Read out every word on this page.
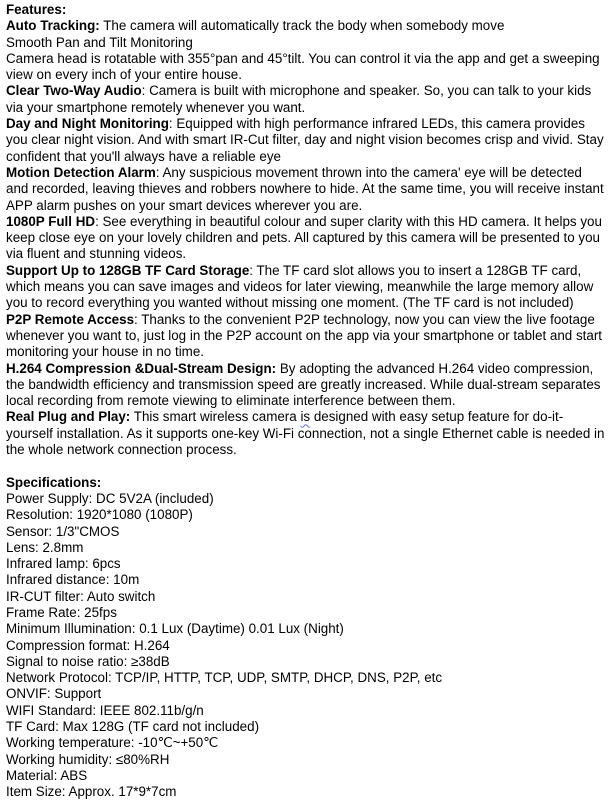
Features:

Auto Tracking: The camera will automatically track the body when somebody move

Smooth Pan and Tilt Monitoring

Camera head is rotatable with 355°pan and 45°tilt. You can control it via the app and get a sweeping view on every inch of your entire house.

Clear Two-Way Audio: Camera is built with microphone and speaker. So, you can talk to your kids via your smartphone remotely whenever you want.

Day and Night Monitoring: Equipped with high performance infrared LEDs, this camera provides you clear night vision. And with smart IR-Cut filter, day and night vision becomes crisp and vivid. Stay confident that you'll always have a reliable eye

Motion Detection Alarm: Any suspicious movement thrown into the camera' eye will be detected and recorded, leaving thieves and robbers nowhere to hide. At the same time, you will receive instant APP alarm pushes on your smart devices wherever you are.

1080P Full HD: See everything in beautiful colour and super clarity with this HD camera. It helps you keep close eye on your lovely children and pets. All captured by this camera will be presented to you via fluent and stunning videos.

Support Up to 128GB TF Card Storage: The TF card slot allows you to insert a 128GB TF card, which means you can save images and videos for later viewing, meanwhile the large memory allow you to record everything you wanted without missing one moment. (The TF card is not included)

P2P Remote Access: Thanks to the convenient P2P technology, now you can view the live footage whenever you want to, just log in the P2P account on the app via your smartphone or tablet and start monitoring your house in no time.

H.264 Compression &Dual-Stream Design: By adopting the advanced H.264 video compression, the bandwidth efficiency and transmission speed are greatly increased. While dual-stream separates local recording from remote viewing to eliminate interference between them.

Real Plug and Play: This smart wireless camera is designed with easy setup feature for do-it-yourself installation. As it supports one-key Wi-Fi connection, not a single Ethernet cable is needed in the whole network connection process.

Specifications:

Power Supply: DC 5V2A (included)

Resolution: 1920*1080 (1080P)

Sensor: 1/3"CMOS

Lens: 2.8mm

Infrared lamp: 6pcs

Infrared distance: 10m

IR-CUT filter: Auto switch

Frame Rate: 25fps

Minimum Illumination: 0.1 Lux (Daytime) 0.01 Lux (Night)

Compression format: H.264

Signal to noise ratio: ≥38dB

Network Protocol: TCP/IP, HTTP, TCP, UDP, SMTP, DHCP, DNS, P2P, etc

ONVIF: Support

WIFI Standard: IEEE 802.11b/g/n

TF Card: Max 128G (TF card not included)

Working temperature: -10℃~+50℃

Working humidity: ≤80%RH

Material: ABS

Item Size: Approx. 17*9*7cm
